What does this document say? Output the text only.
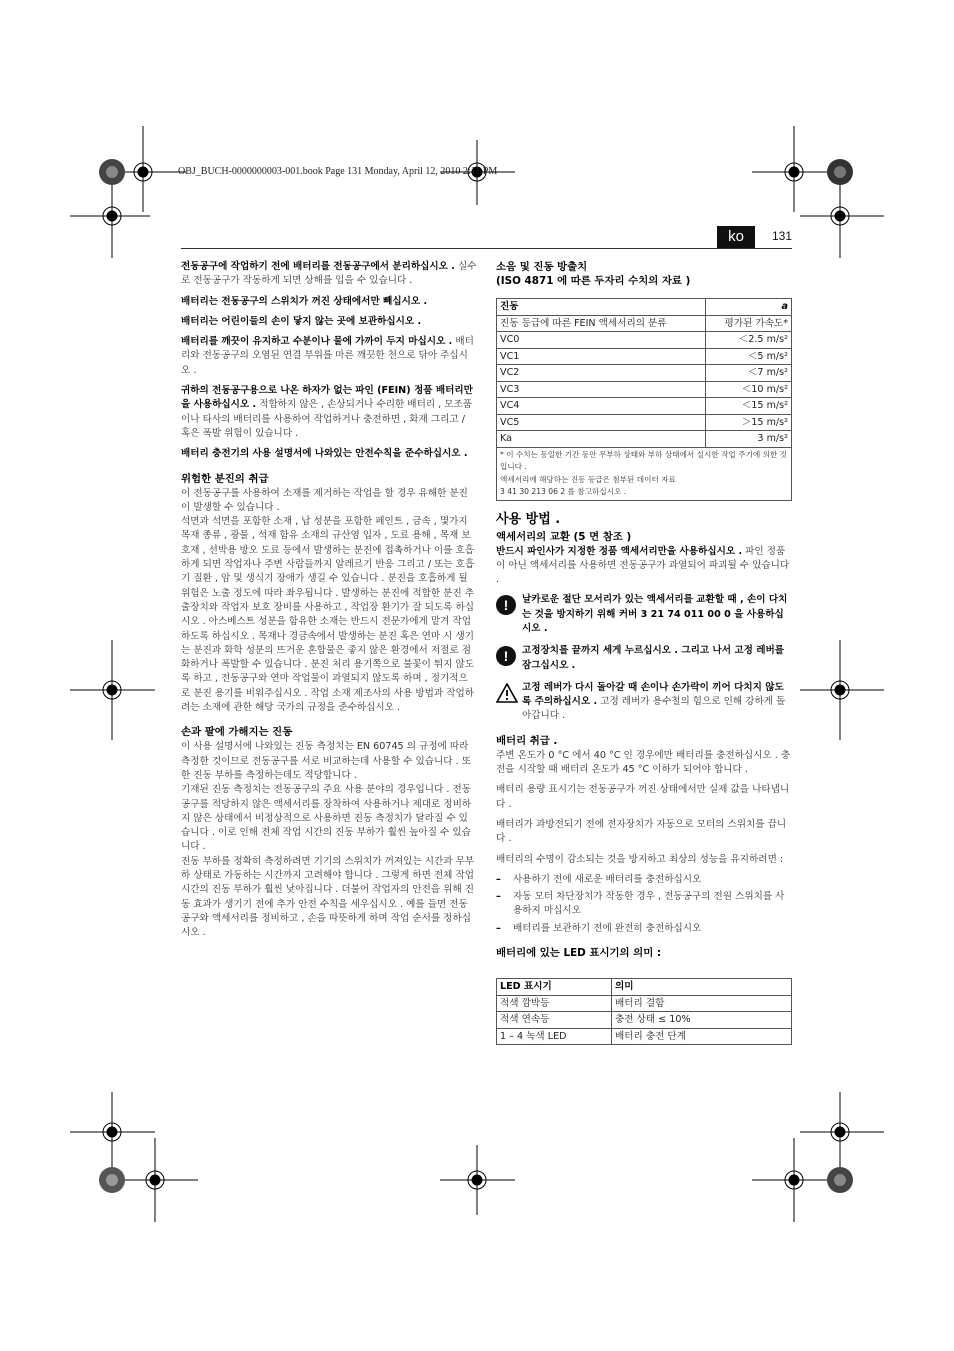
OBJ_BUCH-0000000003-001.book Page 131 Monday, April 12, 2010 2:11 PM
ko	131

전동공구에 작업하기 전에 배터리를 전동공구에서 분리하십시오 . 실수로 전동공구가 작동하게 되면 상해를 입을 수 있습니다 .

배터리는 전동공구의 스위치가 꺼진 상태에서만 빼십시오 .

배터리는 어린이들의 손이 닿지 않는 곳에 보관하십시오 .

배터리를 깨끗이 유지하고 수분이나 물에 가까이 두지 마십시오 . 배터리와 전동공구의 오염된 연결 부위를 마른 깨끗한 천으로 닦아 주십시오 .

귀하의 전동공구용으로 나온 하자가 없는 파인 (FEIN) 정품 배터리만을 사용하십시오 . 적합하지 않은 , 손상되거나 수리한 배터리 , 모조품이나 타사의 배터리를 사용하여 작업하거나 충전하면 , 화재 그리고 / 혹은 폭발 위험이 있습니다 .

배터리 충전기의 사용 설명서에 나와있는 안전수칙을 준수하십시오 .

위험한 분진의 취급

이 전동공구를 사용하여 소재를 제거하는 작업을 할 경우 유해한 분진이 발생할 수 있습니다 .

석면과 석면을 포함한 소재 , 납 성분을 포함한 페인트 , 금속 , 몇가지 목재 종류 , 광물 , 석재 함유 소재의 규산염 입자 , 도료 용해 , 목재 보호재 , 선박용 방오 도료 등에서 발생하는 분진에 접촉하거나 이를 호흡하게 되면 작업자나 주변 사람들까지 알레르기 반응 그리고 / 또는 호흡기 질환 , 암 및 생식기 장애가 생길 수 있습니다 . 분진을 호흡하게 될 위험은 노출 정도에 따라 좌우됩니다 . 발생하는 분진에 적합한 분진 추출장치와 작업자 보호 장비를 사용하고 , 작업장 환기가 잘 되도록 하십시오 . 아스베스트 성분을 함유한 소재는 반드시 전문가에게 맡겨 작업하도록 하십시오 . 목재나 경금속에서 발생하는 분진 혹은 연마 시 생기는 분진과 화학 성분의 뜨거운 혼합물은 좋지 않은 환경에서 저절로 점화하거나 폭발할 수 있습니다 . 분진 처리 용기쪽으로 불꽃이 튀지 않도록 하고 , 전동공구와 연마 작업물이 과열되지 않도록 하며 , 정기적으로 분진 용기를 비워주십시오 . 작업 소재 제조사의 사용 방법과 작업하려는 소재에 관한 해당 국가의 규정을 준수하십시오 .

손과 팔에 가해지는 진동

이 사용 설명서에 나와있는 진동 측정치는 EN 60745 의 규정에 따라 측정한 것이므로 전동공구를 서로 비교하는데 사용할 수 있습니다 . 또한 진동 부하를 측정하는데도 적당합니다 .

기재된 진동 측정치는 전동공구의 주요 사용 분야의 경우입니다 . 전동공구를 적당하지 않은 액세서리를 장착하여 사용하거나 제대로 정비하지 않은 상태에서 비정상적으로 사용하면 진동 측정치가 달라질 수 있습니다 . 이로 인해 전체 작업 시간의 진동 부하가 훨씬 높아질 수 있습니다 .

진동 부하를 정확히 측정하려면 기기의 스위치가 꺼져있는 시간과 무부하 상태로 가동하는 시간까지 고려해야 합니다 . 그렇게 하면 전체 작업 시간의 진동 부하가 훨씬 낮아집니다 . 더불어 작업자의 안전을 위해 진동 효과가 생기기 전에 추가 안전 수칙을 세우십시오 . 예를 들면 전동공구와 액세서리를 정비하고 , 손을 따뜻하게 하며 작업 순서를 정하십시오 .

소음 및 진동 방출치
(ISO 4871 에 따른 두자리 수치의 자료 )
진동	a
진동 등급에 따른 FEIN 액세서리의 분류	평가된 가속도*
VC0	＜2.5 m/s²
VC1	＜5 m/s²
VC2	＜7 m/s²
VC3	＜10 m/s²
VC4	＜15 m/s²
VC5	＞15 m/s²
Ka	3 m/s²

* 이 수치는 동일한 기간 동안 무부하 상태와 부하 상태에서 실시한 작업 주기에 의한 것입니다 .
액세서리에 해당하는 진동 등급은 첨부된 데이터 자료
3 41 30 213 06 2 를 참고하십시오 .	
사용 방법 .
액세서리의 교환 (5 면 참조 )

반드시 파인사가 지정한 정품 액세서리만을 사용하십시오 . 파인 정품이 아닌 액세서리를 사용하면 전동공구가 과열되어 파괴될 수 있습니다 .

!	날카로운 절단 모서리가 있는 액세서리를 교환할 때 , 손이 다치는 것을 방지하기 위해 커버 3 21 74 011 00 0 을 사용하십시오 .

!	고정장치를 끝까지 세게 누르십시오 . 그리고 나서 고정 레버를 잠그십시오 .

고정 레버가 다시 돌아갈 때 손이나 손가락이 끼어 다치지 않도록 주의하십시오 . 고정 레버가 용수철의 힘으로 인해 강하게 돌아갑니다 .

배터리 취급 .

주변 온도가 0 °C 에서 40 °C 인 경우에만 배터리를 충전하십시오 . 충전을 시작할 때 배터리 온도가 45 °C 이하가 되어야 합니다 .

배터리 용량 표시기는 전동공구가 꺼진 상태에서만 실제 값을 나타냅니다 .

배터리가 과방전되기 전에 전자장치가 자동으로 모터의 스위치를 끕니다 .

배터리의 수명이 감소되는 것을 방지하고 최상의 성능을 유지하려면 :

– 사용하기 전에 새로운 배터리를 충전하십시오

– 자동 모터 차단장치가 작동한 경우 , 전동공구의 전원 스위치를 사용하지 마십시오

– 배터리를 보관하기 전에 완전히 충전하십시오

배터리에 있는 LED 표시기의 의미 :
LED 표시기	의미
적색 깜박등	배터리 결함
적색 연속등	충전 상태 ≤ 10%
1 – 4 녹색 LED	배터리 충전 단계
